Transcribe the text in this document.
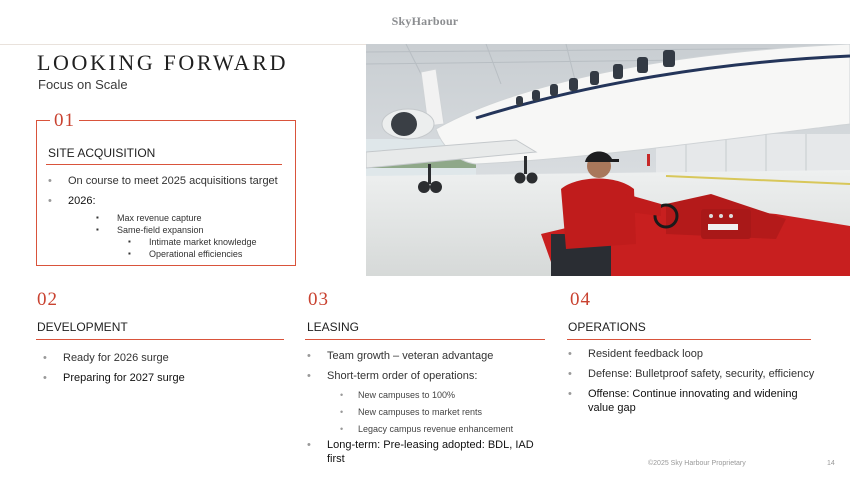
SkyHarbour
LOOKING FORWARD
Focus on Scale
01
SITE ACQUISITION
• On course to meet 2025 acquisitions target
• 2026:
▪ Max revenue capture
▪ Same-field expansion
▪ Intimate market knowledge
▪ Operational efficiencies
02
DEVELOPMENT
• Ready for 2026 surge
• Preparing for 2027 surge
03
LEASING
• Team growth – veteran advantage
• Short-term order of operations:
• New campuses to 100%
• New campuses to market rents
• Legacy campus revenue enhancement
• Long-term: Pre-leasing adopted: BDL, IAD first
04
OPERATIONS
• Resident feedback loop
• Defense: Bulletproof safety, security, efficiency
• Offense: Continue innovating and widening value gap
©2025 Sky Harbour Proprietary	14
